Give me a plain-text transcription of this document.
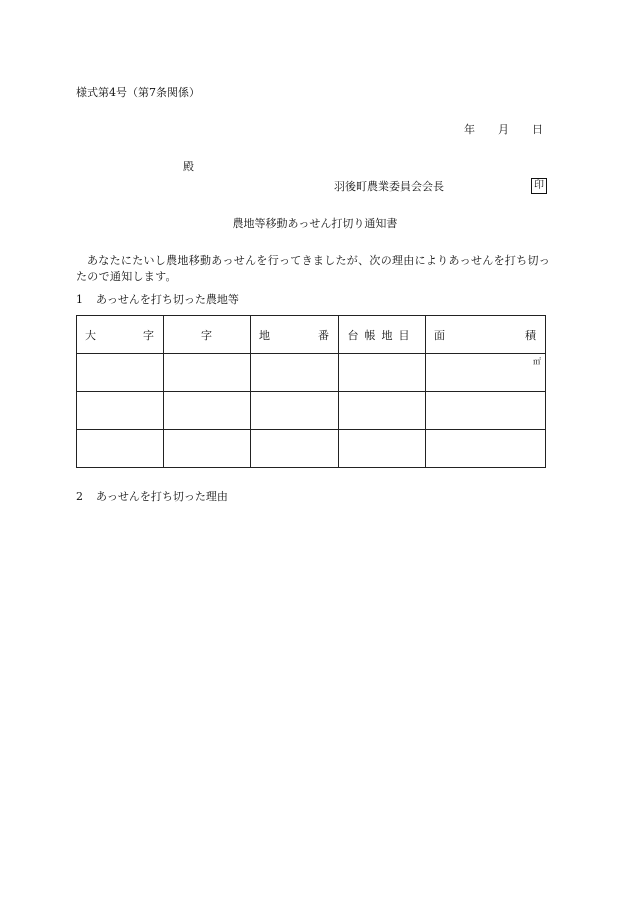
様式第4号（第7条関係）
年 月 日
殿
羽後町農業委員会会長	印
農地等移動あっせん打切り通知書
あなたにたいし農地移動あっせんを行ってきましたが、次の理由によりあっせんを打ち切ったので通知します。
1 あっせんを打ち切った農地等
大 字	字	地 番	台帳地目	面 積

				㎡

2 あっせんを打ち切った理由
